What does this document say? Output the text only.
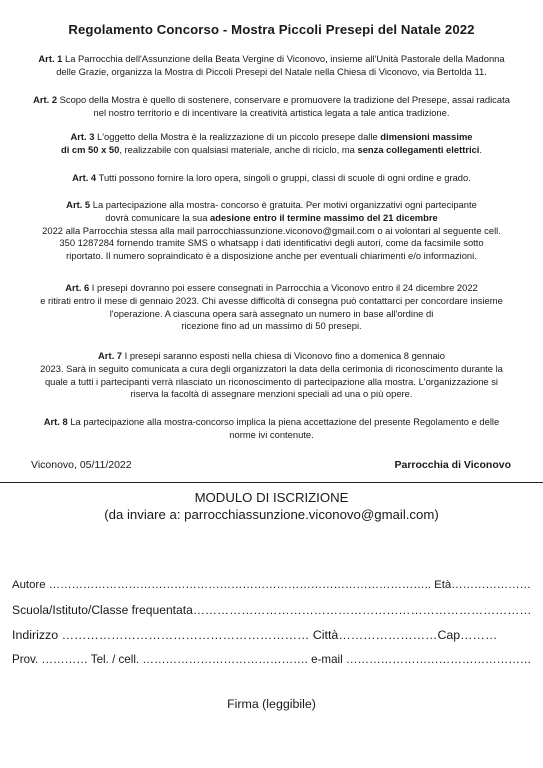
Regolamento Concorso - Mostra Piccoli Presepi del Natale 2022
Art. 1 La Parrocchia dell'Assunzione della Beata Vergine di Viconovo, insieme all'Unità Pastorale della Madonna
delle Grazie, organizza la Mostra di Piccoli Presepi del Natale nella Chiesa di Viconovo, via Bertolda 11.
Art. 2 Scopo della Mostra è quello di sostenere, conservare e promuovere la tradizione del Presepe, assai radicata
nel nostro territorio e di incentivare la creatività artistica legata a tale antica tradizione.
Art. 3 L'oggetto della Mostra è la realizzazione di un piccolo presepe dalle dimensioni massime
di cm 50 x 50, realizzabile con qualsiasi materiale, anche di riciclo, ma senza collegamenti elettrici.
Art. 4 Tutti possono fornire la loro opera, singoli o gruppi, classi di scuole di ogni ordine e grado.
Art. 5 La partecipazione alla mostra- concorso è gratuita. Per motivi organizzativi ogni partecipante
dovrà comunicare la sua adesione entro il termine massimo del 21 dicembre
2022 alla Parrocchia stessa alla mail parrocchiassunzione.viconovo@gmail.com o ai volontari al seguente cell.
350 1287284 fornendo tramite SMS o whatsapp i dati identificativi degli autori, come da facsimile sotto
riportato. Il numero sopraindicato è a disposizione anche per eventuali chiarimenti e/o informazioni.
Art. 6 I presepi dovranno poi essere consegnati in Parrocchia a Viconovo entro il 24 dicembre 2022
e ritirati entro il mese di gennaio 2023. Chi avesse difficoltà di consegna può contattarci per concordare insieme
l'operazione. A ciascuna opera sarà assegnato un numero in base all'ordine di
ricezione fino ad un massimo di 50 presepi.
Art. 7 I presepi saranno esposti nella chiesa di Viconovo fino a domenica 8 gennaio
2023. Sarà in seguito comunicata a cura degli organizzatori la data della cerimonia di riconoscimento durante la
quale a tutti i partecipanti verrà rilasciato un riconoscimento di partecipazione alla mostra. L'organizzazione si
riserva la facoltà di assegnare menzioni speciali ad una o più opere.
Art. 8 La partecipazione alla mostra-concorso implica la piena accettazione del presente Regolamento e delle
norme ivi contenute.
Viconovo, 05/11/2022	Parrocchia di Viconovo
MODULO DI ISCRIZIONE
(da inviare a: parrocchiassunzione.viconovo@gmail.com)
Autore ……………………………………………………………………………………….. Età…………………
Scuola/Istituto/Classe frequentata…………………………………………………………………………
Indirizzo …………………………………………………… Città……………………Cap………
Prov. ………… Tel. / cell. ……………………………………. e-mail …………………………………………
Firma (leggibile)
